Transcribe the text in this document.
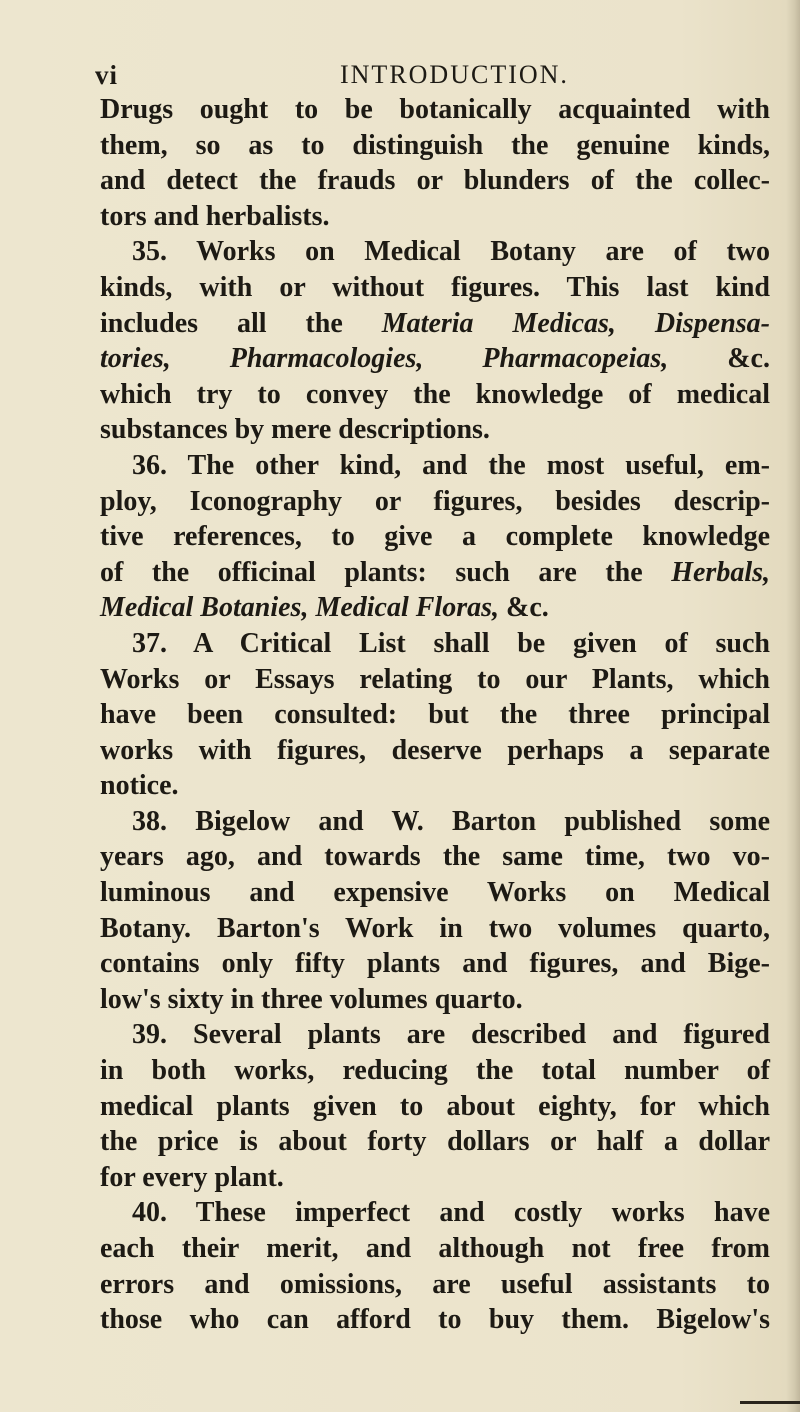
vi	INTRODUCTION.
Drugs ought to be botanically acquainted with
them, so as to distinguish the genuine kinds,
and detect the frauds or blunders of the collec-
tors and herbalists.
35. Works on Medical Botany are of two
kinds, with or without figures. This last kind
includes all the Materia Medicas, Dispensa-
tories, Pharmacologies, Pharmacopeias, &c.
which try to convey the knowledge of medical
substances by mere descriptions.
36. The other kind, and the most useful, em-
ploy, Iconography or figures, besides descrip-
tive references, to give a complete knowledge
of the officinal plants: such are the Herbals,
Medical Botanies, Medical Floras, &c.
37. A Critical List shall be given of such
Works or Essays relating to our Plants, which
have been consulted: but the three principal
works with figures, deserve perhaps a separate
notice.
38. Bigelow and W. Barton published some
years ago, and towards the same time, two vo-
luminous and expensive Works on Medical
Botany. Barton's Work in two volumes quarto,
contains only fifty plants and figures, and Bige-
low's sixty in three volumes quarto.
39. Several plants are described and figured
in both works, reducing the total number of
medical plants given to about eighty, for which
the price is about forty dollars or half a dollar
for every plant.
40. These imperfect and costly works have
each their merit, and although not free from
errors and omissions, are useful assistants to
those who can afford to buy them. Bigelow's
